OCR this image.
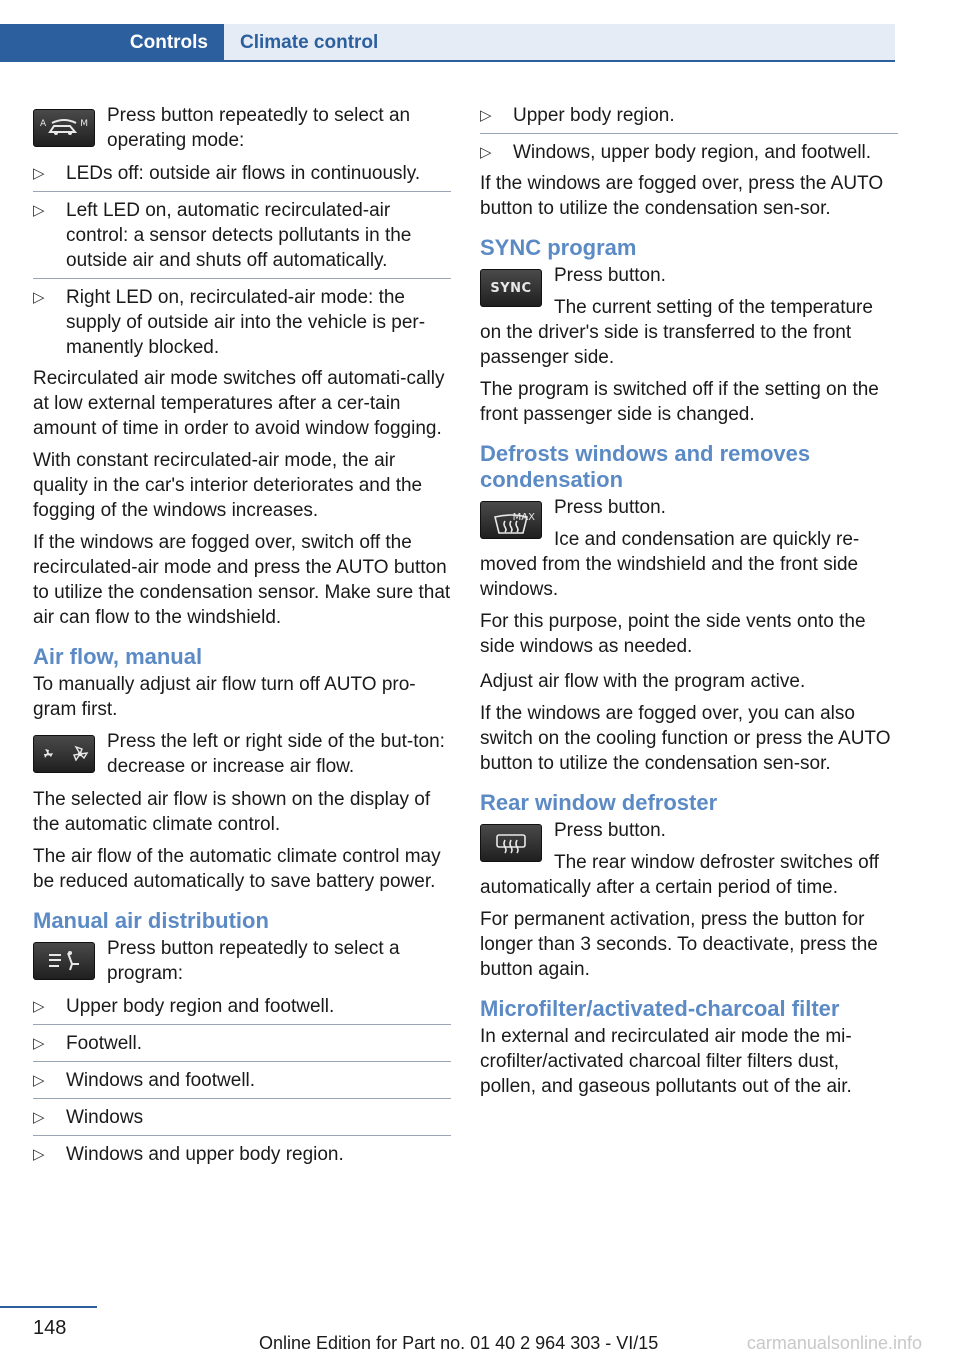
Controls	Climate control
A	M Press button repeatedly to select an operating mode:
▷ LEDs off: outside air flows in continuously.
▷ Left LED on, automatic recirculated-air control: a sensor detects pollutants in the outside air and shuts off automatically.
▷ Right LED on, recirculated-air mode: the supply of outside air into the vehicle is per-manently blocked.

Recirculated air mode switches off automati-cally at low external temperatures after a cer-tain amount of time in order to avoid window fogging.

With constant recirculated-air mode, the air quality in the car's interior deteriorates and the fogging of the windows increases.

If the windows are fogged over, switch off the recirculated-air mode and press the AUTO button to utilize the condensation sensor. Make sure that air can flow to the windshield.

Air flow, manual

To manually adjust air flow turn off AUTO pro-gram first.

Press the left or right side of the but-ton: decrease or increase air flow.

The selected air flow is shown on the display of the automatic climate control.

The air flow of the automatic climate control may be reduced automatically to save battery power.

Manual air distribution
Press button repeatedly to select a program:
▷ Upper body region and footwell.
▷ Footwell.
▷ Windows and footwell.
▷ Windows
▷ Windows and upper body region.
▷ Upper body region.
▷ Windows, upper body region, and footwell.

If the windows are fogged over, press the AUTO button to utilize the condensation sen-sor.

SYNC program
SYNC

Press button.

The current setting of the temperature on the driver's side is transferred to the front passenger side.

The program is switched off if the setting on the front passenger side is changed.

Defrosts windows and removes condensation
MAX	Press button.

Ice and condensation are quickly re-moved from the windshield and the front side windows.

For this purpose, point the side vents onto the side windows as needed.

Adjust air flow with the program active.

If the windows are fogged over, you can also switch on the cooling function or press the AUTO button to utilize the condensation sen-sor.

Rear window defroster

Press button.

The rear window defroster switches off automatically after a certain period of time.

For permanent activation, press the button for longer than 3 seconds. To deactivate, press the button again.

Microfilter/activated-charcoal filter

In external and recirculated air mode the mi-crofilter/activated charcoal filter filters dust, pollen, and gaseous pollutants out of the air.

148
Online Edition for Part no. 01 40 2 964 303 - VI/15	carmanualsonline.info
